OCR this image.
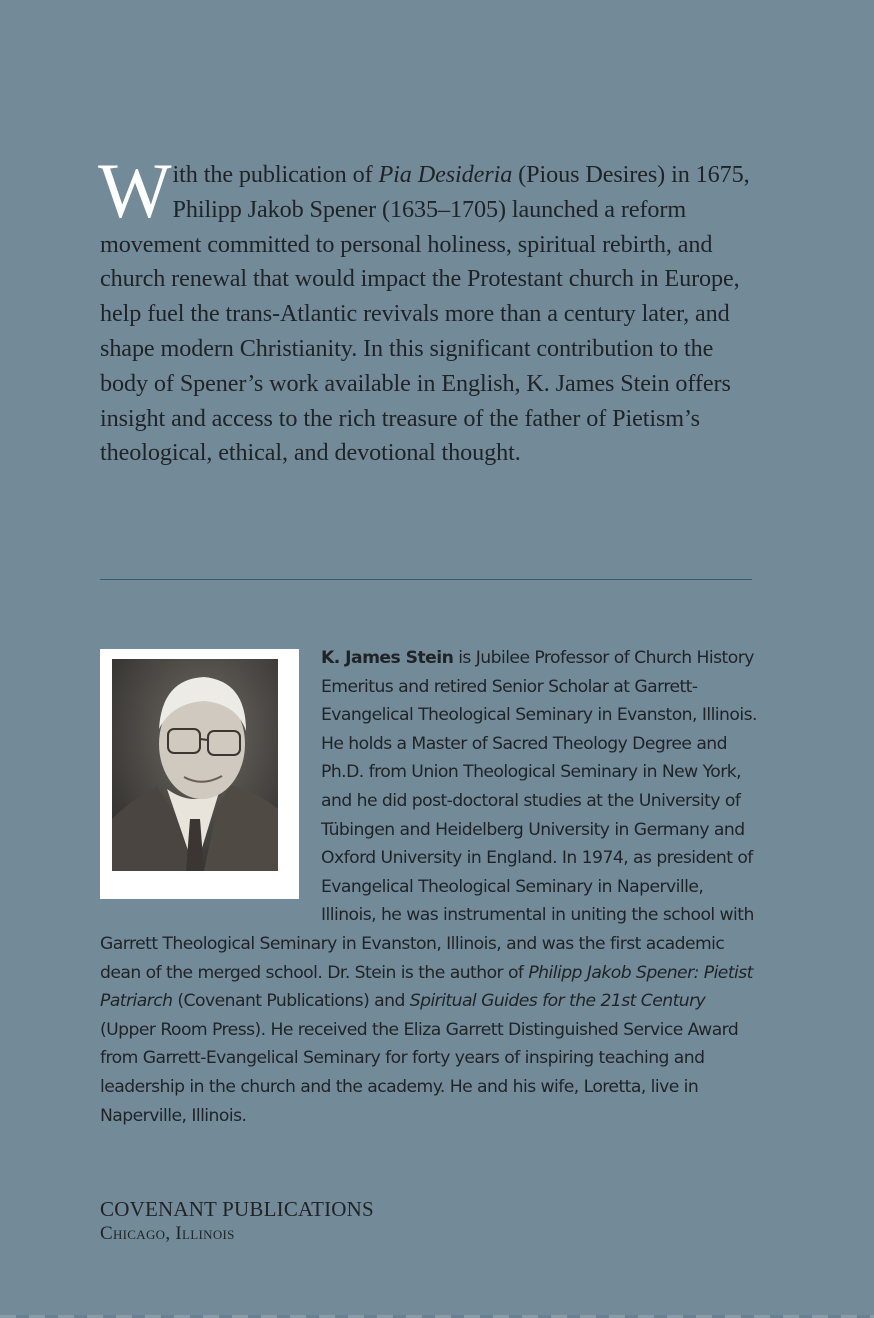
With the publication of Pia Desideria (Pious Desires) in 1675, Philipp Jakob Spener (1635–1705) launched a reform movement committed to personal holiness, spiritual rebirth, and church renewal that would impact the Protestant church in Europe, help fuel the trans-Atlantic revivals more than a century later, and shape modern Christianity. In this significant contribution to the body of Spener’s work available in English, K. James Stein offers insight and access to the rich treasure of the father of Pietism’s theological, ethical, and devotional thought.

K. James Stein is Jubilee Professor of Church History Emeritus and retired Senior Scholar at Garrett-Evangelical Theological Seminary in Evanston, Illinois. He holds a Master of Sacred Theology Degree and Ph.D. from Union Theological Seminary in New York, and he did post-doctoral studies at the University of Tübingen and Heidelberg University in Germany and Oxford University in England. In 1974, as president of Evangelical Theological Seminary in Naperville, Illinois, he was instrumental in uniting the school with Garrett Theological Seminary in Evanston, Illinois, and was the first academic dean of the merged school. Dr. Stein is the author of Philipp Jakob Spener: Pietist Patriarch (Covenant Publications) and Spiritual Guides for the 21st Century (Upper Room Press). He received the Eliza Garrett Distinguished Service Award from Garrett-Evangelical Seminary for forty years of inspiring teaching and leadership in the church and the academy. He and his wife, Loretta, live in Naperville, Illinois.
COVENANT PUBLICATIONS
Chicago, Illinois
